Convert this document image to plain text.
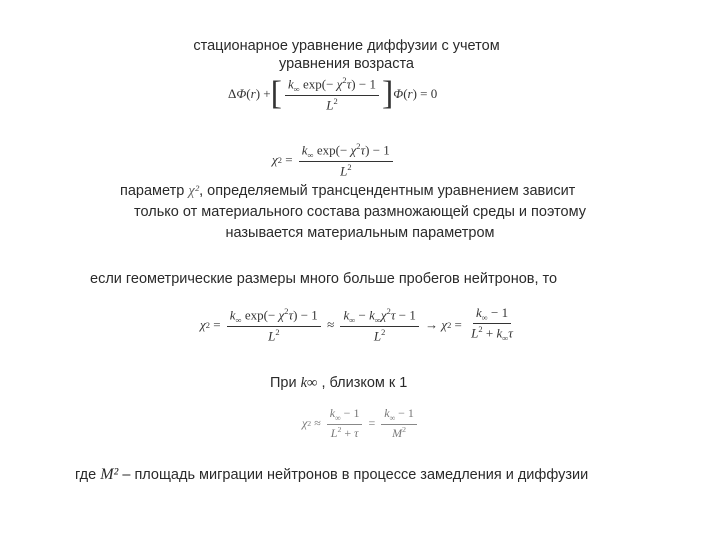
стационарное уравнение диффузии с учетом
уравнения возраста
Δ Φ ( r ) + [ $\frac{k_\infty \exp(- \chi^2\tau) - 1}{L^2}$ ] Φ ( r ) = 0
χ $2 = \frac{k_\infty \exp(- \chi^2\tau) - 1}{L^2}$
параметр χ², определяемый трансцендентным уравнением зависит
только от материального состава размножающей среды и поэтому
называется материальным параметром
если геометрические размеры много больше пробегов нейтронов, то
χ $2 = \frac{k_\infty \exp(- \chi^2\tau) - 1}{L^2} \approx \frac{k_\infty - k_\infty\chi^2\tau - 1}{L^2} \to \chi$ $2 = \frac{k_\infty - 1}{L^2 + k_\infty\tau}$
При k∞ , близком к 1
χ $2 \approx \frac{k_\infty - 1}{L^2 + \tau} = \frac{k_\infty - 1}{M^2}$
где M² – площадь миграции нейтронов в процессе замедления и диффузии
